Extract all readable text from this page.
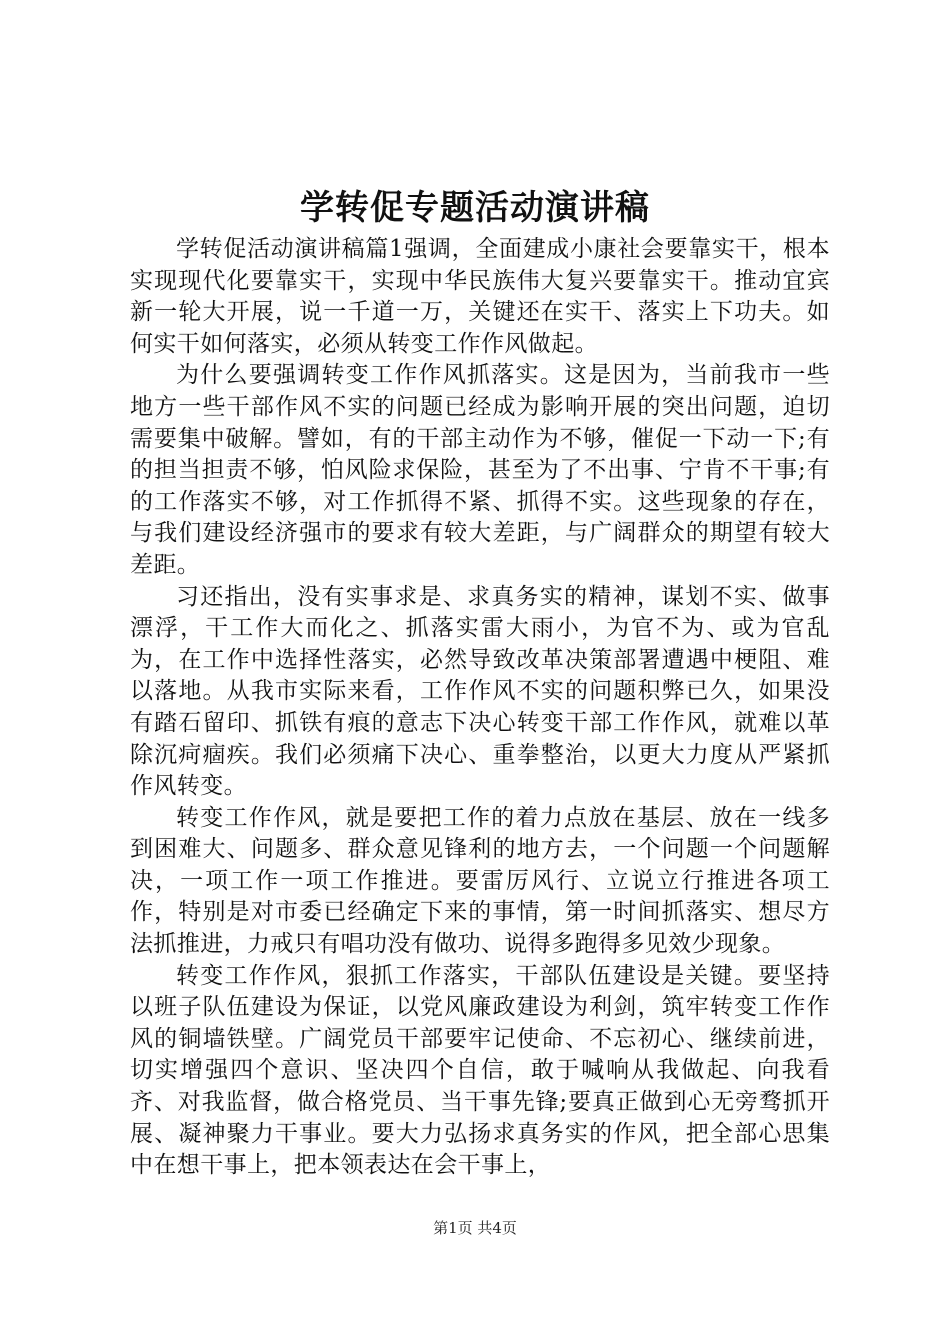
学转促专题活动演讲稿

学转促活动演讲稿篇1强调，全面建成小康社会要靠实干，根本实现现代化要靠实干，实现中华民族伟大复兴要靠实干。推动宜宾新一轮大开展，说一千道一万，关键还在实干、落实上下功夫。如何实干如何落实，必须从转变工作作风做起。

为什么要强调转变工作作风抓落实。这是因为，当前我市一些地方一些干部作风不实的问题已经成为影响开展的突出问题，迫切需要集中破解。譬如，有的干部主动作为不够，催促一下动一下;有的担当担责不够，怕风险求保险，甚至为了不出事、宁肯不干事;有的工作落实不够，对工作抓得不紧、抓得不实。这些现象的存在，与我们建设经济强市的要求有较大差距，与广阔群众的期望有较大差距。

习还指出，没有实事求是、求真务实的精神，谋划不实、做事漂浮，干工作大而化之、抓落实雷大雨小，为官不为、或为官乱为，在工作中选择性落实，必然导致改革决策部署遭遇中梗阻、难以落地。从我市实际来看，工作作风不实的问题积弊已久，如果没有踏石留印、抓铁有痕的意志下决心转变干部工作作风，就难以革除沉疴痼疾。我们必须痛下决心、重拳整治，以更大力度从严紧抓作风转变。

转变工作作风，就是要把工作的着力点放在基层、放在一线多到困难大、问题多、群众意见锋利的地方去，一个问题一个问题解决，一项工作一项工作推进。要雷厉风行、立说立行推进各项工作，特别是对市委已经确定下来的事情，第一时间抓落实、想尽方法抓推进，力戒只有唱功没有做功、说得多跑得多见效少现象。

转变工作作风，狠抓工作落实，干部队伍建设是关键。要坚持以班子队伍建设为保证，以党风廉政建设为利剑，筑牢转变工作作风的铜墙铁壁。广阔党员干部要牢记使命、不忘初心、继续前进，切实增强四个意识、坚决四个自信，敢于喊响从我做起、向我看齐、对我监督，做合格党员、当干事先锋;要真正做到心无旁骛抓开展、凝神聚力干事业。要大力弘扬求真务实的作风，把全部心思集中在想干事上，把本领表达在会干事上，

第1页 共4页
